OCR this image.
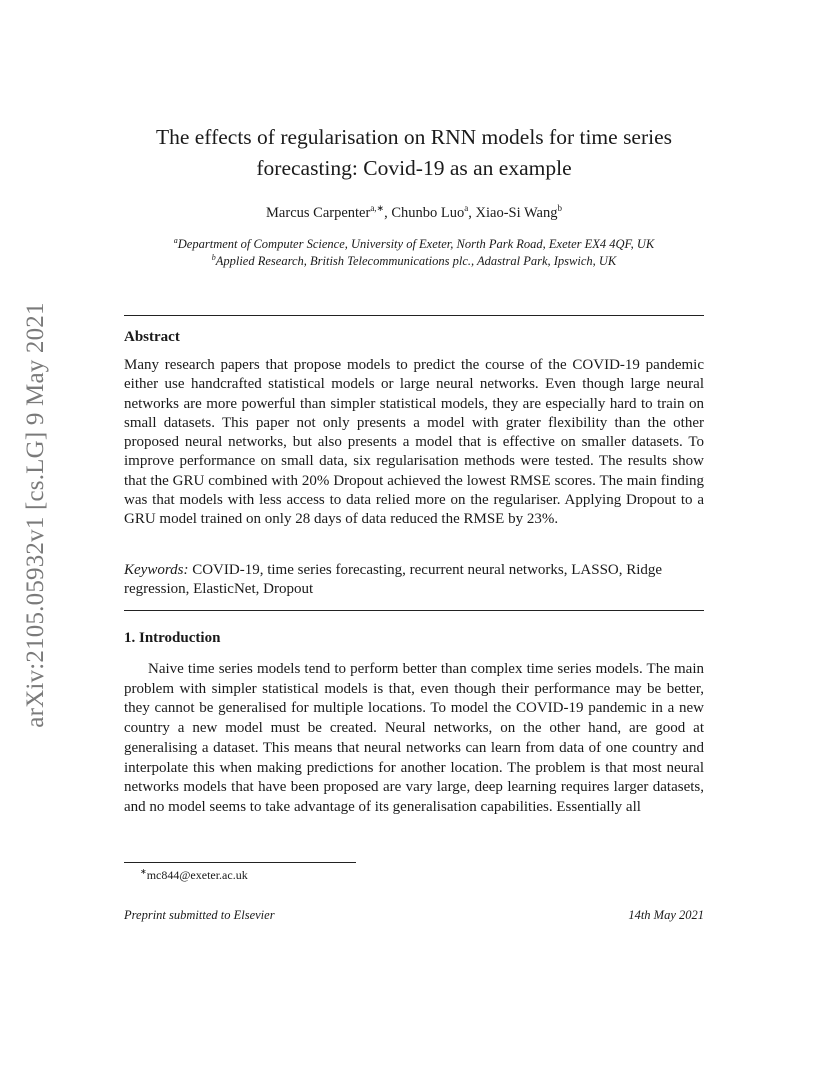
arXiv:2105.05932v1 [cs.LG] 9 May 2021
The effects of regularisation on RNN models for time series
forecasting: Covid-19 as an example
Marcus Carpenter$^{a,∗}$, Chunbo Luo$^a$, Xiao-Si Wang$^b$
$^a$Department of Computer Science, University of Exeter, North Park Road, Exeter EX4 4QF, UK
$^b$Applied Research, British Telecommunications plc., Adastral Park, Ipswich, UK
Abstract
Many research papers that propose models to predict the course of the COVID-19 pandemic either use handcrafted statistical models or large neural networks. Even though large neural networks are more powerful than simpler statistical models, they are especially hard to train on small datasets. This paper not only presents a model with grater flexibility than the other proposed neural networks, but also presents a model that is effective on smaller datasets. To improve performance on small data, six regularisation methods were tested. The results show that the GRU combined with 20% Dropout achieved the lowest RMSE scores. The main finding was that models with less access to data relied more on the regulariser. Applying Dropout to a GRU model trained on only 28 days of data reduced the RMSE by 23%.
Keywords: COVID-19, time series forecasting, recurrent neural networks, LASSO, Ridge regression, ElasticNet, Dropout
1. Introduction
Naive time series models tend to perform better than complex time series models. The main problem with simpler statistical models is that, even though their performance may be better, they cannot be generalised for multiple locations. To model the COVID-19 pandemic in a new country a new model must be created. Neural networks, on the other hand, are good at generalising a dataset. This means that neural networks can learn from data of one country and interpolate this when making predictions for another location. The problem is that most neural networks models that have been proposed are vary large, deep learning requires larger datasets, and no model seems to take advantage of its generalisation capabilities. Essentially all
∗mc844@exeter.ac.uk
Preprint submitted to Elsevier	14th May 2021
